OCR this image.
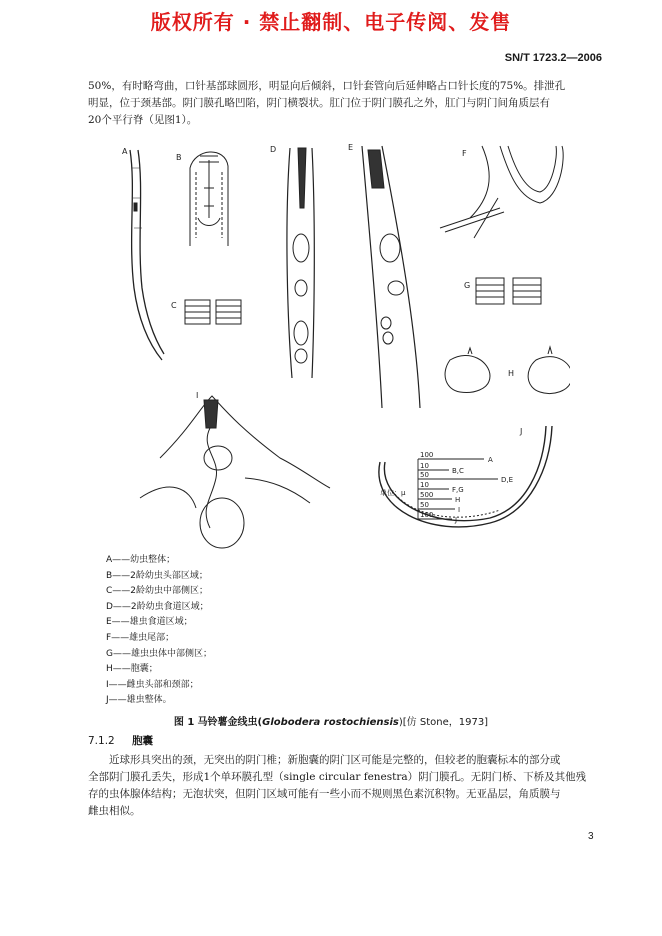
版权所有 · 禁止翻制、电子传阅、发售
SN/T 1723.2—2006

50%，有时略弯曲，口针基部球圆形，明显向后倾斜，口针套管向后延伸略占口针长度的75%。排泄孔

明显，位于颈基部。阴门膜孔略凹陷，阴门横裂状。肛门位于阴门膜孔之外，肛门与阴门间角质层有

20个平行脊（见图1）。

A
B
C
D	E
F
G
H
I
J
单位：μ
100
A
10
B,C
50
D,E
10
F,G
500
H
50
I
100
J
A——幼虫整体；
B——2龄幼虫头部区域；
C——2龄幼虫中部侧区；
D——2龄幼虫食道区域；
E——雄虫食道区域；
F——雄虫尾部；
G——雄虫虫体中部侧区；
H——胞囊；
I——雌虫头部和颈部；
J——雄虫整体。
图 1 马铃薯金线虫(Globodera rostochiensis)[仿 Stone，1973]
7.1.2 胞囊

近球形具突出的颈，无突出的阴门椎；新胞囊的阴门区可能是完整的，但较老的胞囊标本的部分或

全部阴门膜孔丢失，形成1个单环膜孔型（single circular fenestra）阴门膜孔。无阴门桥、下桥及其他残

存的虫体腺体结构；无泡状突，但阴门区域可能有一些小而不规则黑色素沉积物。无亚晶层，角质膜与

雌虫相似。

3
